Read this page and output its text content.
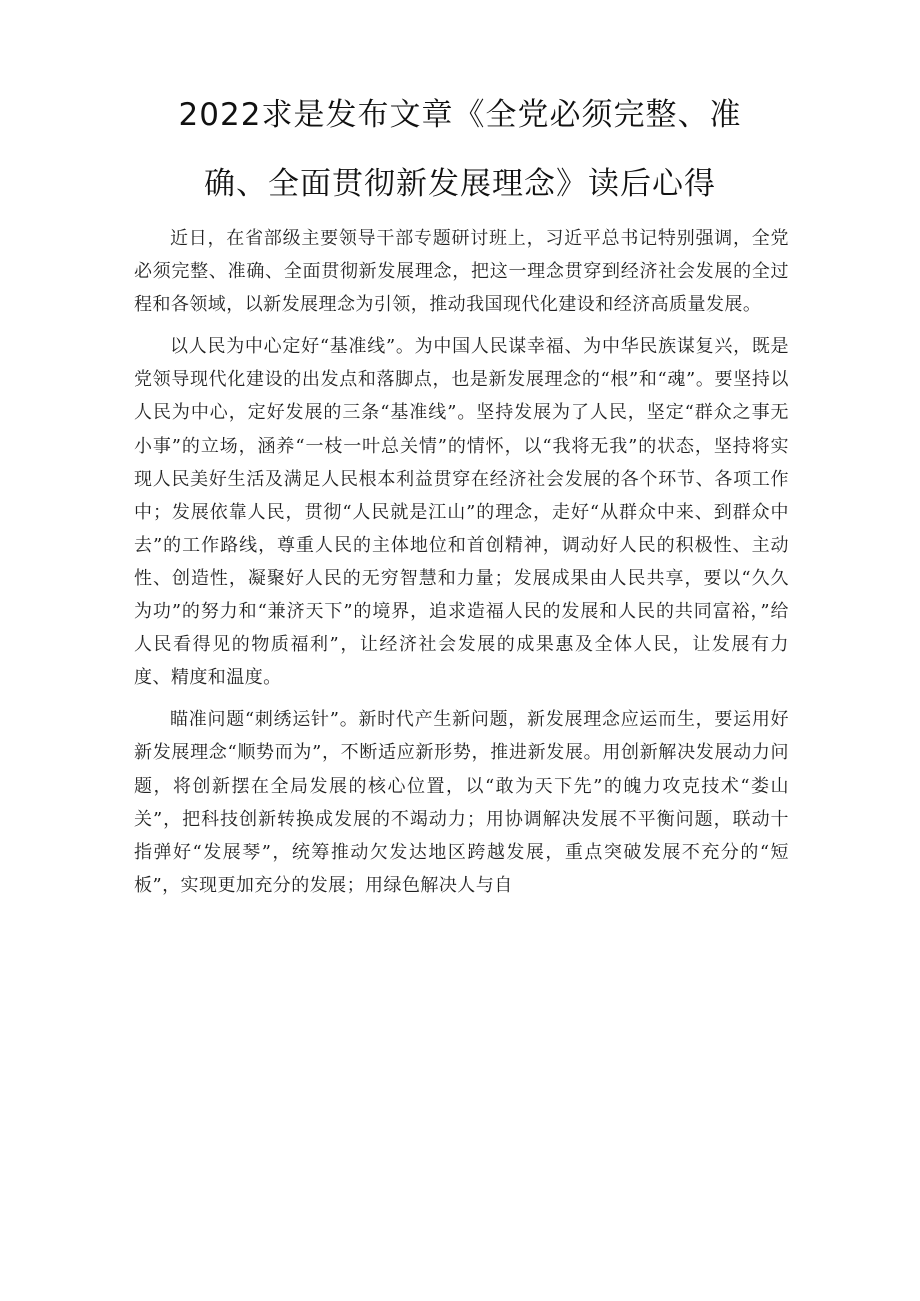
2022求是发布文章《全党必须完整、准
确、全面贯彻新发展理念》读后心得

近日，在省部级主要领导干部专题研讨班上，习近平总书记特别强调，全党必须完整、准确、全面贯彻新发展理念，把这一理念贯穿到经济社会发展的全过程和各领域，以新发展理念为引领，推动我国现代化建设和经济高质量发展。

以人民为中心定好“基准线”。为中国人民谋幸福、为中华民族谋复兴，既是党领导现代化建设的出发点和落脚点，也是新发展理念的“根”和“魂”。要坚持以人民为中心，定好发展的三条“基准线”。坚持发展为了人民，坚定“群众之事无小事”的立场，涵养“一枝一叶总关情”的情怀，以“我将无我”的状态，坚持将实现人民美好生活及满足人民根本利益贯穿在经济社会发展的各个环节、各项工作中；发展依靠人民，贯彻“人民就是江山”的理念，走好“从群众中来、到群众中去”的工作路线，尊重人民的主体地位和首创精神，调动好人民的积极性、主动性、创造性，凝聚好人民的无穷智慧和力量；发展成果由人民共享，要以“久久为功”的努力和“兼济天下”的境界，追求造福人民的发展和人民的共同富裕，”给人民看得见的物质福利”，让经济社会发展的成果惠及全体人民，让发展有力度、精度和温度。

瞄准问题“刺绣运针”。新时代产生新问题，新发展理念应运而生，要运用好新发展理念“顺势而为”，不断适应新形势，推进新发展。用创新解决发展动力问题，将创新摆在全局发展的核心位置，以“敢为天下先”的魄力攻克技术“娄山关”，把科技创新转换成发展的不竭动力；用协调解决发展不平衡问题，联动十指弹好“发展琴”，统筹推动欠发达地区跨越发展，重点突破发展不充分的“短板”，实现更加充分的发展；用绿色解决人与自
